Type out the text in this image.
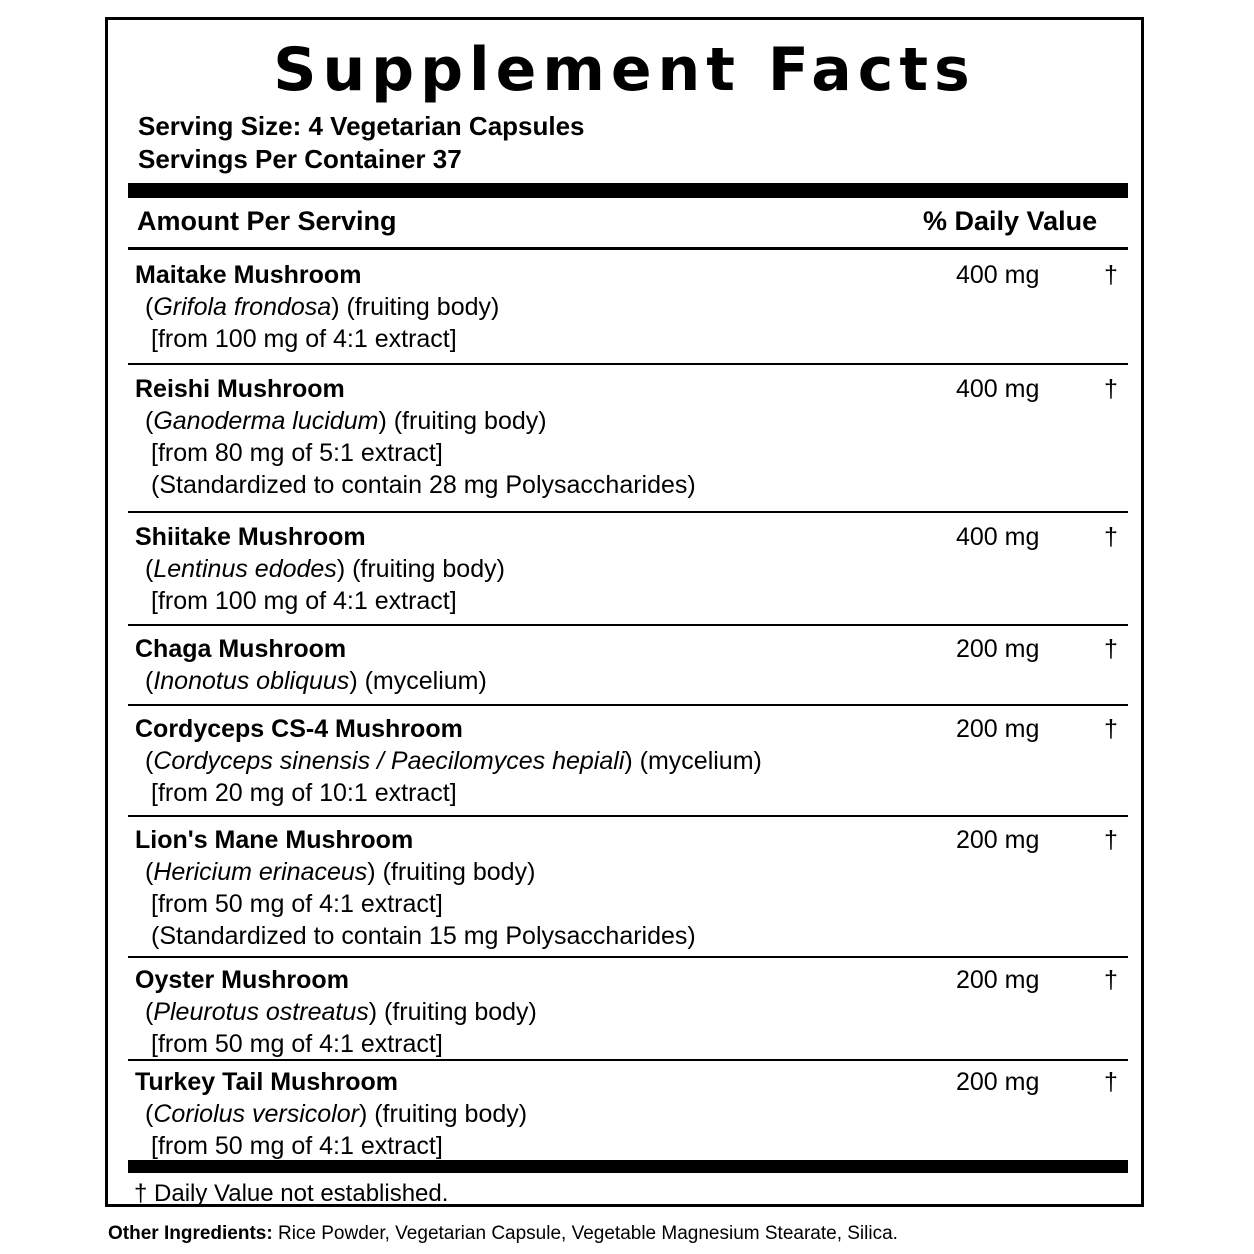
Supplement Facts
Serving Size: 4 Vegetarian Capsules
Servings Per Container 37
Amount Per Serving	% Daily Value
Maitake Mushroom
(Grifola frondosa) (fruiting body)
[from 100 mg of 4:1 extract]
400 mg	†
Reishi Mushroom
(Ganoderma lucidum) (fruiting body)
[from 80 mg of 5:1 extract]
(Standardized to contain 28 mg Polysaccharides)
400 mg	†
Shiitake Mushroom
(Lentinus edodes) (fruiting body)
[from 100 mg of 4:1 extract]
400 mg	†
Chaga Mushroom
(Inonotus obliquus) (mycelium)
200 mg	†
Cordyceps CS-4 Mushroom
(Cordyceps sinensis / Paecilomyces hepiali) (mycelium)
[from 20 mg of 10:1 extract]
200 mg	†
Lion's Mane Mushroom
(Hericium erinaceus) (fruiting body)
[from 50 mg of 4:1 extract]
(Standardized to contain 15 mg Polysaccharides)
200 mg	†
Oyster Mushroom
(Pleurotus ostreatus) (fruiting body)
[from 50 mg of 4:1 extract]
200 mg	†
Turkey Tail Mushroom
(Coriolus versicolor) (fruiting body)
[from 50 mg of 4:1 extract]
200 mg	†
† Daily Value not established.
Other Ingredients: Rice Powder, Vegetarian Capsule, Vegetable Magnesium Stearate, Silica.
